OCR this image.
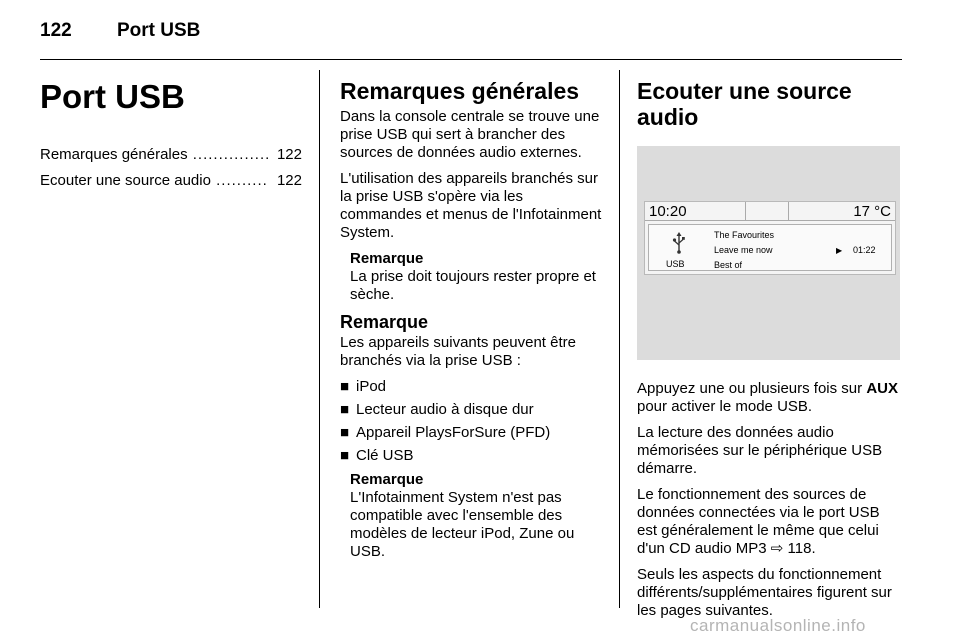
122 Port USB
Port USB
Remarques générales ............... 122
Ecouter une source audio .......... 122
Remarques générales

Dans la console centrale se trouve une prise USB qui sert à brancher des sources de données audio externes.

L'utilisation des appareils branchés sur la prise USB s'opère via les commandes et menus de l'Infotainment System.

Remarque
La prise doit toujours rester propre et sèche.
Remarque

Les appareils suivants peuvent être branchés via la prise USB :

■ iPod
■ Lecteur audio à disque dur
■ Appareil PlaysForSure (PFD)
■ Clé USB
Remarque
L'Infotainment System n'est pas compatible avec l'ensemble des modèles de lecteur iPod, Zune ou USB.
Ecouter une source audio
10:20	17 °C
USB
The Favourites
Leave me now
Best of
▶ 01:22

Appuyez une ou plusieurs fois sur AUX pour activer le mode USB.

La lecture des données audio mémorisées sur le périphérique USB démarre.

Le fonctionnement des sources de données connectées via le port USB est généralement le même que celui d'un CD audio MP3 ⇨ 118.

Seuls les aspects du fonctionnement différents/supplémentaires figurent sur les pages suivantes.

carmanualsonline.info
